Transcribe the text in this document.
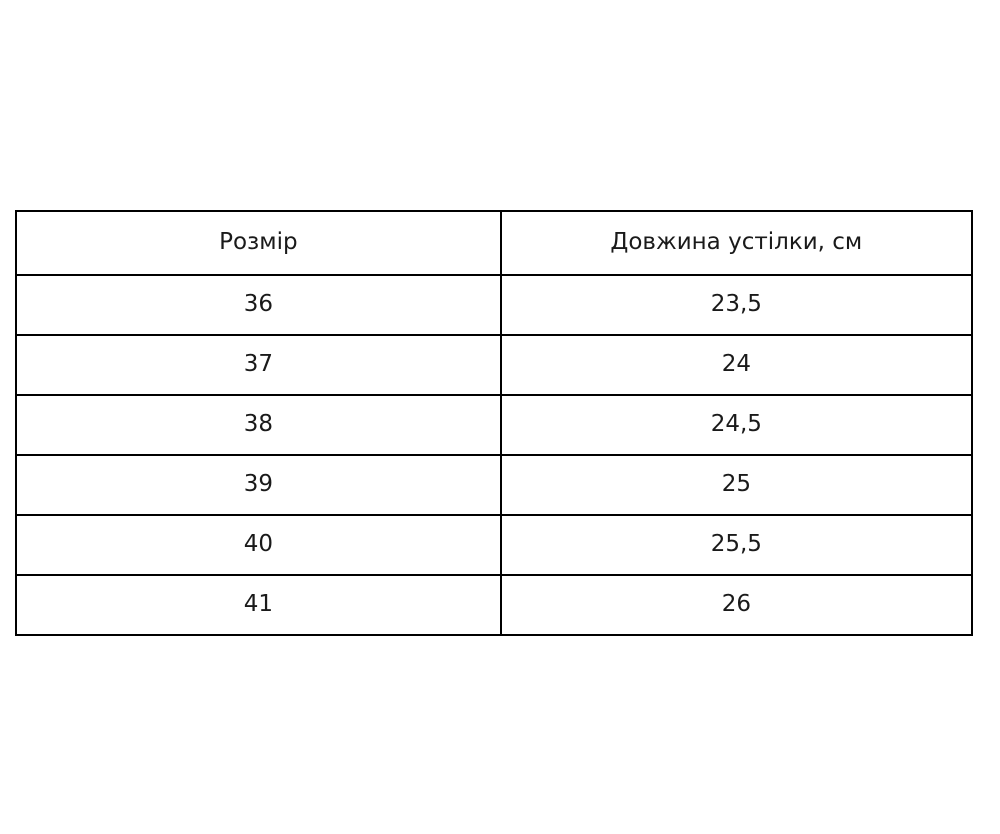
Розмір	Довжина устілки, см
36	23,5
37	24
38	24,5
39	25
40	25,5
41	26
